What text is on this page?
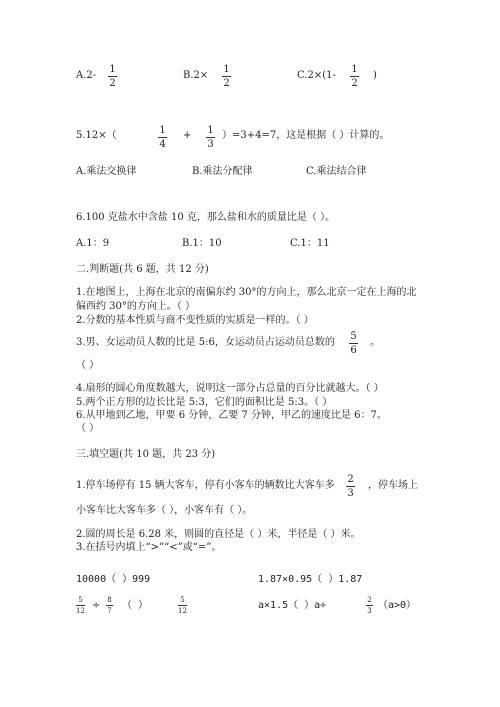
A.2-
1
2
B.2×
1
2
C.2×(1-
1
2
)
5.12×（	1
4
+ 1
3
）=3+4=7，这是根据（ ）计算的。
A.乘法交换律	B.乘法分配律	C.乘法结合律
6.100 克盐水中含盐 10 克，那么盐和水的质量比是（ ）。
A.1：9	B.1：10	C.1：11
二.判断题(共 6 题，共 12 分)
1.在地图上，上海在北京的南偏东约 30°的方向上，那么北京一定在上海的北
偏西约 30°的方向上。（ ）
2.分数的基本性质与商不变性质的实质是一样的。（ ）
3.男、女运动员人数的比是 5:6，女运动员占运动员总数的
5
6
。
（ ）
4.扇形的圆心角度数越大，说明这一部分占总量的百分比就越大。（ ）
5.两个正方形的边长比是 5:3，它们的面积比是 5:3。（ ）
6.从甲地到乙地，甲要 6 分钟，乙要 7 分钟，甲乙的速度比是 6：7。
（ ）
三.填空题(共 10 题，共 23 分)
1.停车场停有 15 辆大客车，停有小客车的辆数比大客车多
2
3
，停车场上
小客车比大客车多（ ），小客车有（ ）。
2.圆的周长是 6.28 米，则圆的直径是（ ）米，半径是（ ）米。
3.在括号内填上“>”“<”或“=”。
10000（ ）999	1.87×0.95（ ）1.87
5
12 ÷ 8
7 （ ）	5
12	a×1.5（ ）a÷	2
3 （a>0）
